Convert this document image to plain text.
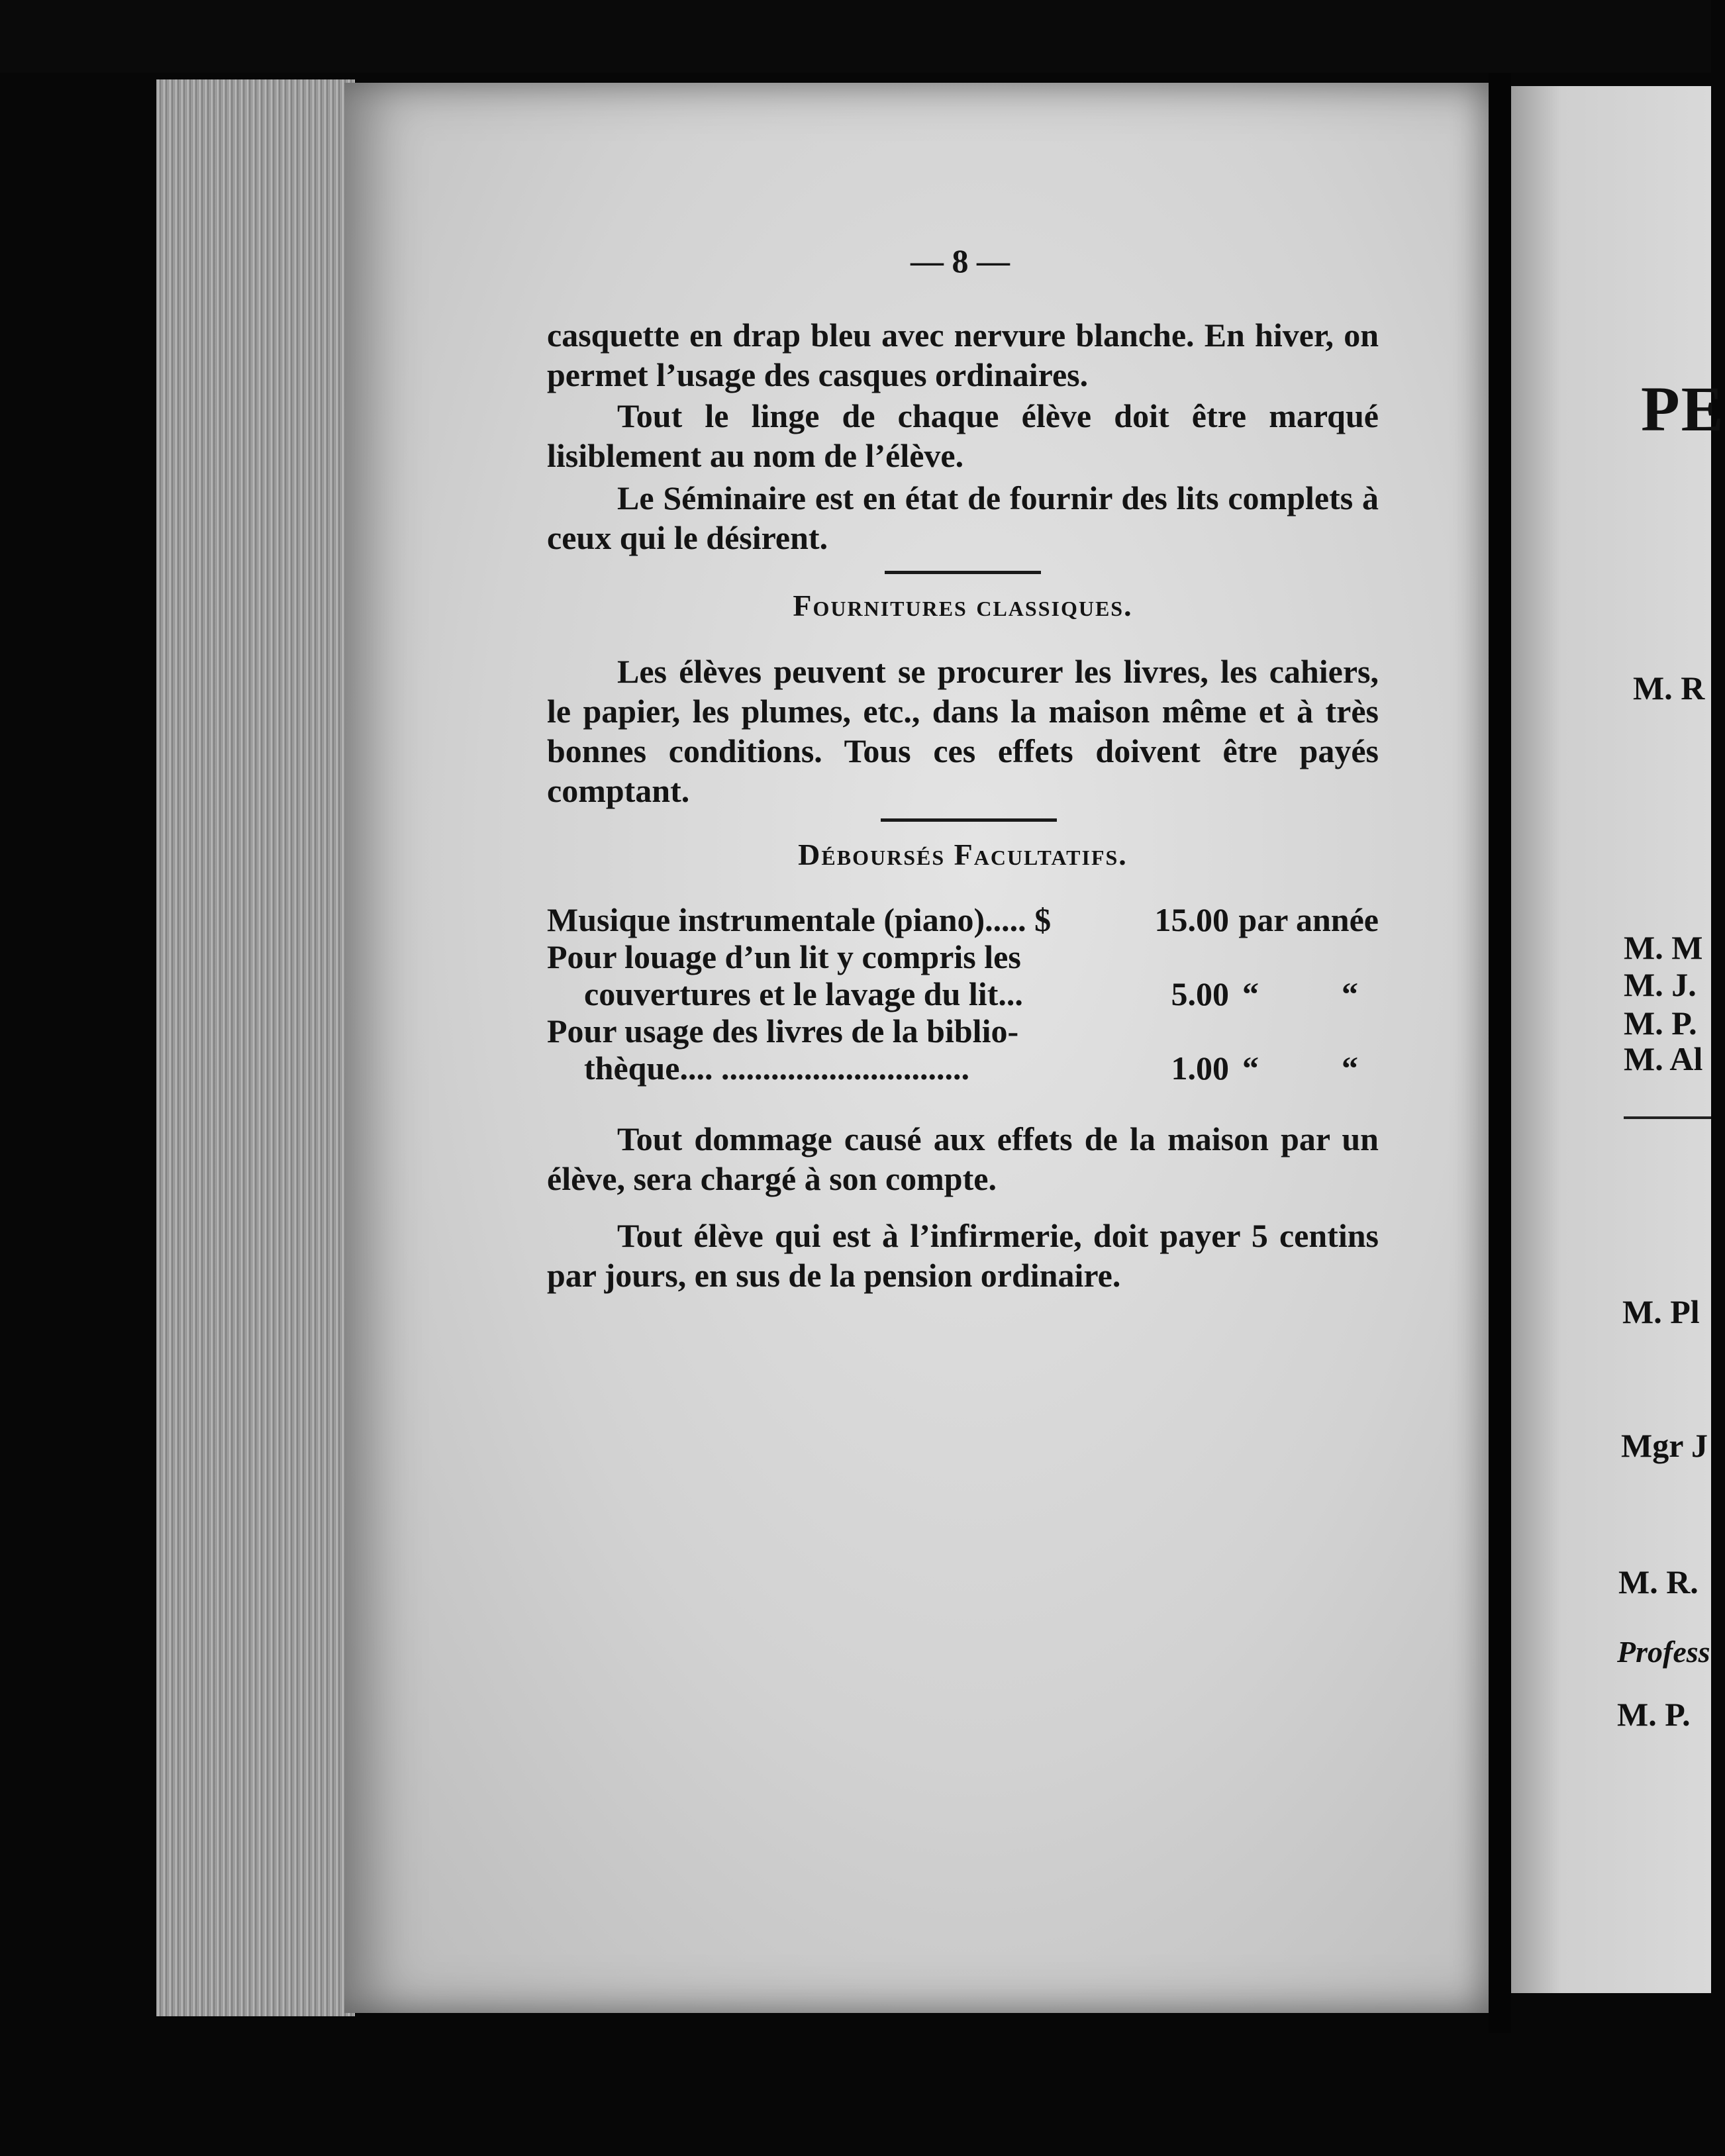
— 8 —
casquette en drap bleu avec nervure blanche. En hiver, on permet l’usage des casques ordinaires.
Tout le linge de chaque élève doit être marqué lisiblement au nom de l’élève.
Le Séminaire est en état de fournir des lits complets à ceux qui le désirent.
Fournitures classiques.
Les élèves peuvent se procurer les livres, les cahiers, le papier, les plumes, etc., dans la maison même et à très bonnes conditions. Tous ces effets doivent être payés comptant.
Déboursés Facultatifs.
Musique instrumentale (piano)..... $	15.00 par année
Pour louage d’un lit y compris les
couvertures et le lavage du lit...	5.00 “	“
Pour usage des livres de la biblio-
thèque.... ..............................	1.00 “	“
Tout dommage causé aux effets de la maison par un élève, sera chargé à son compte.
Tout élève qui est à l’infirmerie, doit payer 5 centins par jours, en sus de la pension ordinaire.
PE
M. R
M. M
M. J.
M. P.
M. Al
M. Pl
Mgr J
M. R.
Profess
M. P.
